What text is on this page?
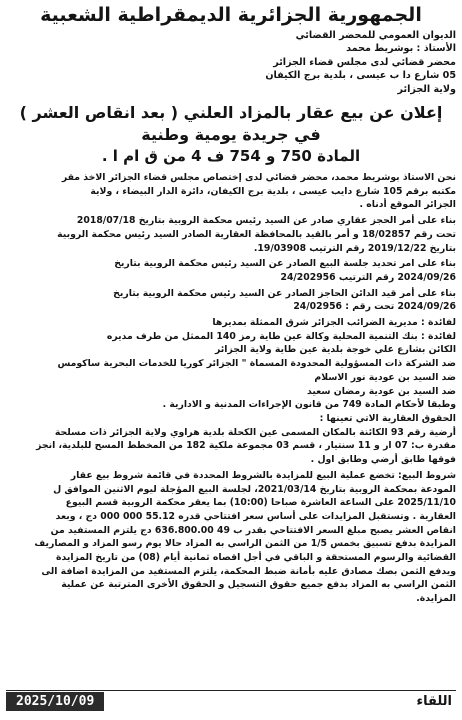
الجمهورية الجزائرية الديمقراطية الشعبية
الديوان العمومي للمحضر القضائي
الأستاذ : بوشريط محمد
محضر قضائي لدى مجلس قضاء الجزائر
05 شارع دا ب عيسى ، بلدية برج الكيفان
ولاية الجزائر
إعلان عن بيع عقار بالمزاد العلني ( بعد انقاص العشر )
في جريدة يومية وطنية
المادة 750 و 754 ف 4 من ق ام ا .

نحن الاستاذ بوشريط محمد، محضر قضائي لدى إختصاص مجلس قضاء الجزائر الاخذ مقر
مكتبه برقم 105 شارع دايب عيسى ، بلدية برج الكيفان، دائرة الدار البيضاء ، ولاية
الجزائر الموقع أدناه .

بناء على أمر الحجز عقاري صادر عن السيد رئيس محكمة الروبية بتاريخ 2018/07/18
تحت رقم 18/02857 و أمر بالقيد بالمحافظة العقارية الصادر السيد رئيس محكمة الروبية
بتاريخ 2019/12/22 رقم الترتيب 19/03908.

بناء على امر تحديد جلسة البيع الصادر عن السيد رئيس محكمة الروبية بتاريخ
2024/09/26 رقم الترتيب 24/202956

بناء على أمر قيد الدائن الحاجز الصادر عن السيد رئيس محكمة الروبية بتاريخ
2024/09/26 تحت رقم : 24/02956

لفائدة : مديرية الضرائب الجزائر شرق الممثلة بمديرها
لفائدة : بنك التنمية المحلية وكالة عين طاية رمز 140 الممثل من طرف مديره
الكائن بشارع علي خوجة بلدية عين طاية ولاية الجزائر
ضد الشركة ذات المسؤولية المحدودة المسماة " الجزائر كوريا للخدمات البحرية ساكومس
ضد السيد بن عودية نور الاسلام
ضد السيد بن عودية رمضان سعيد
وطبقا لأحكام المادة 749 من قانون الإجراءات المدنية و الادارية .

الحقوق العقارية الاتي تعينها :

أرضية رقم 93 الكائنة بالمكان المسمى عين الكحلة بلدية هراوي ولاية الجزائر ذات مسلحة
مقدرة ب: 07 ار و 11 سنتيار ، قسم 03 مجموعة ملكية 182 من المخطط المسح للبلدية، انجز
فوقها طابق أرضي وطابق اول .

شروط البيع: تخضع عملية البيع للمزايدة بالشروط المحددة في قائمة شروط بيع عقار
المودعة بمحكمة الروبية بتاريخ 2021/03/14، لجلسة البيع المؤجلة ليوم الاثنين الموافق ل
2025/11/10 على الساعة العاشرة صباحا (10:00) بما يعقر محكمة الروبية قسم البيوع
العقارية . وتستقبل المزايدات على أساس سعر افتتاحي قدره 55.12 000 000 دج ، وبعد
انقاص العشر يصبح مبلغ السعر الافتتاحي بقدر ب 49 636.800.00 دج يلتزم المستفيد من
المزايدة بدفع تسبيق بخمس 1/5 من الثمن الراسي به المزاد حالا يوم رسو المزاد و المصاريف
القضائية والرسوم المستحقة و الباقي في أجل اقصاه ثمانية أيام (08) من تاريخ المزايدة
ويدفع الثمن بصك مصادق عليه بأمانة ضبط المحكمة، يلتزم المستفيد من المزايدة اضافة الى
الثمن الراسي به المزاد بدفع جميع حقوق التسجيل و الحقوق الأخرى المترتبة عن عملية
المزايدة.

اللقاء
2025/10/09
